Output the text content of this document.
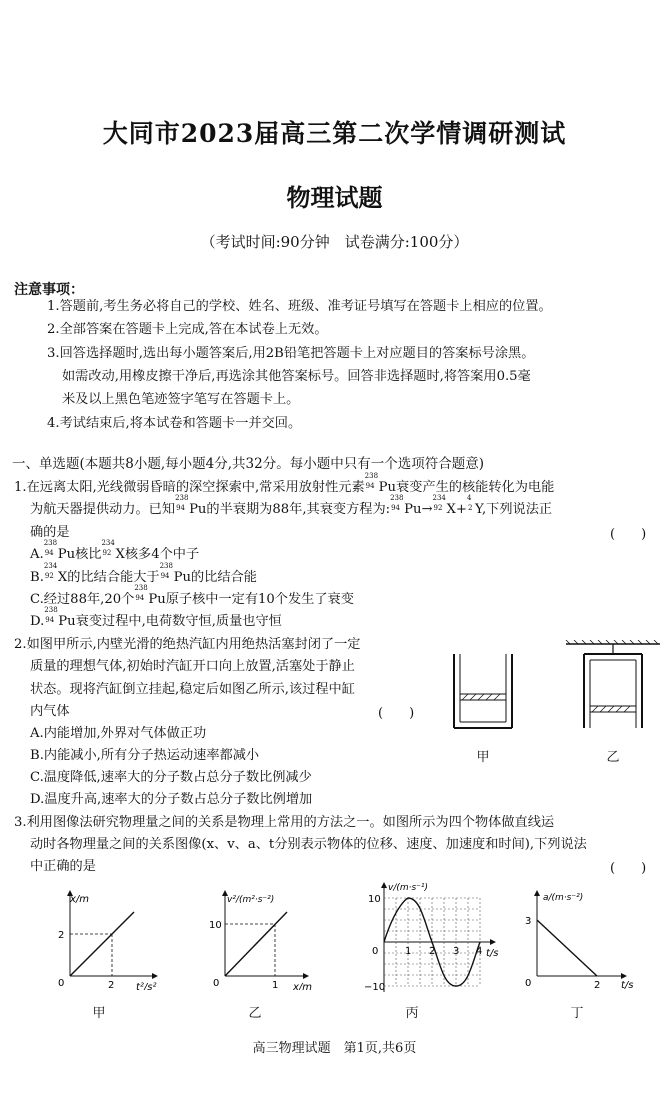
大同市2023届高三第二次学情调研测试
物理试题
（考试时间:90分钟　试卷满分:100分）
注意事项：
1.答题前,考生务必将自己的学校、姓名、班级、准考证号填写在答题卡上相应的位置。
2.全部答案在答题卡上完成,答在本试卷上无效。
3.回答选择题时,选出每小题答案后,用2B铅笔把答题卡上对应题目的答案标号涂黑。
如需改动,用橡皮擦干净后,再选涂其他答案标号。回答非选择题时,将答案用0.5毫
米及以上黑色笔迹签字笔写在答题卡上。
4.考试结束后,将本试卷和答题卡一并交回。
一、单选题(本题共8小题,每小题4分,共32分。每小题中只有一个选项符合题意)
1.在远离太阳,光线微弱昏暗的深空探索中,常采用放射性元素
238
94 Pu衰变产生的核能转化为电能
为航天器提供动力。已知
238
94 Pu的半衰期为88年,其衰变方程为:
238
94 Pu→
234
92 X+
4
2 Y,下列说法正
确的是	(　　)
A.
238
94 Pu核比
234
92 X核多4个中子
B.
234
92 X的比结合能大于
238
94 Pu的比结合能
C.经过88年,20个
238
94 Pu原子核中一定有10个发生了衰变
D.
238
94 Pu衰变过程中,电荷数守恒,质量也守恒
2.如图甲所示,内壁光滑的绝热汽缸内用绝热活塞封闭了一定
质量的理想气体,初始时汽缸开口向上放置,活塞处于静止
状态。现将汽缸倒立挂起,稳定后如图乙所示,该过程中缸
内气体	(　　)
A.内能增加,外界对气体做正功
B.内能减小,所有分子热运动速率都减小
C.温度降低,速率大的分子数占总分子数比例减少
D.温度升高,速率大的分子数占总分子数比例增加
甲	乙
3.利用图像法研究物理量之间的关系是物理上常用的方法之一。如图所示为四个物体做直线运
动时各物理量之间的关系图像(x、v、a、t分别表示物体的位移、速度、加速度和时间),下列说法
中正确的是	(　　)
x/m
t²/s²
0	2
2
甲
v²/(m²·s⁻²)
x/m
0	1
10
乙
v/(m·s⁻¹)
t/s
0
10
−10
1 2 3 4
丙
a/(m·s⁻²)
t/s
0	2
3
丁
高三物理试题　第1页,共6页
